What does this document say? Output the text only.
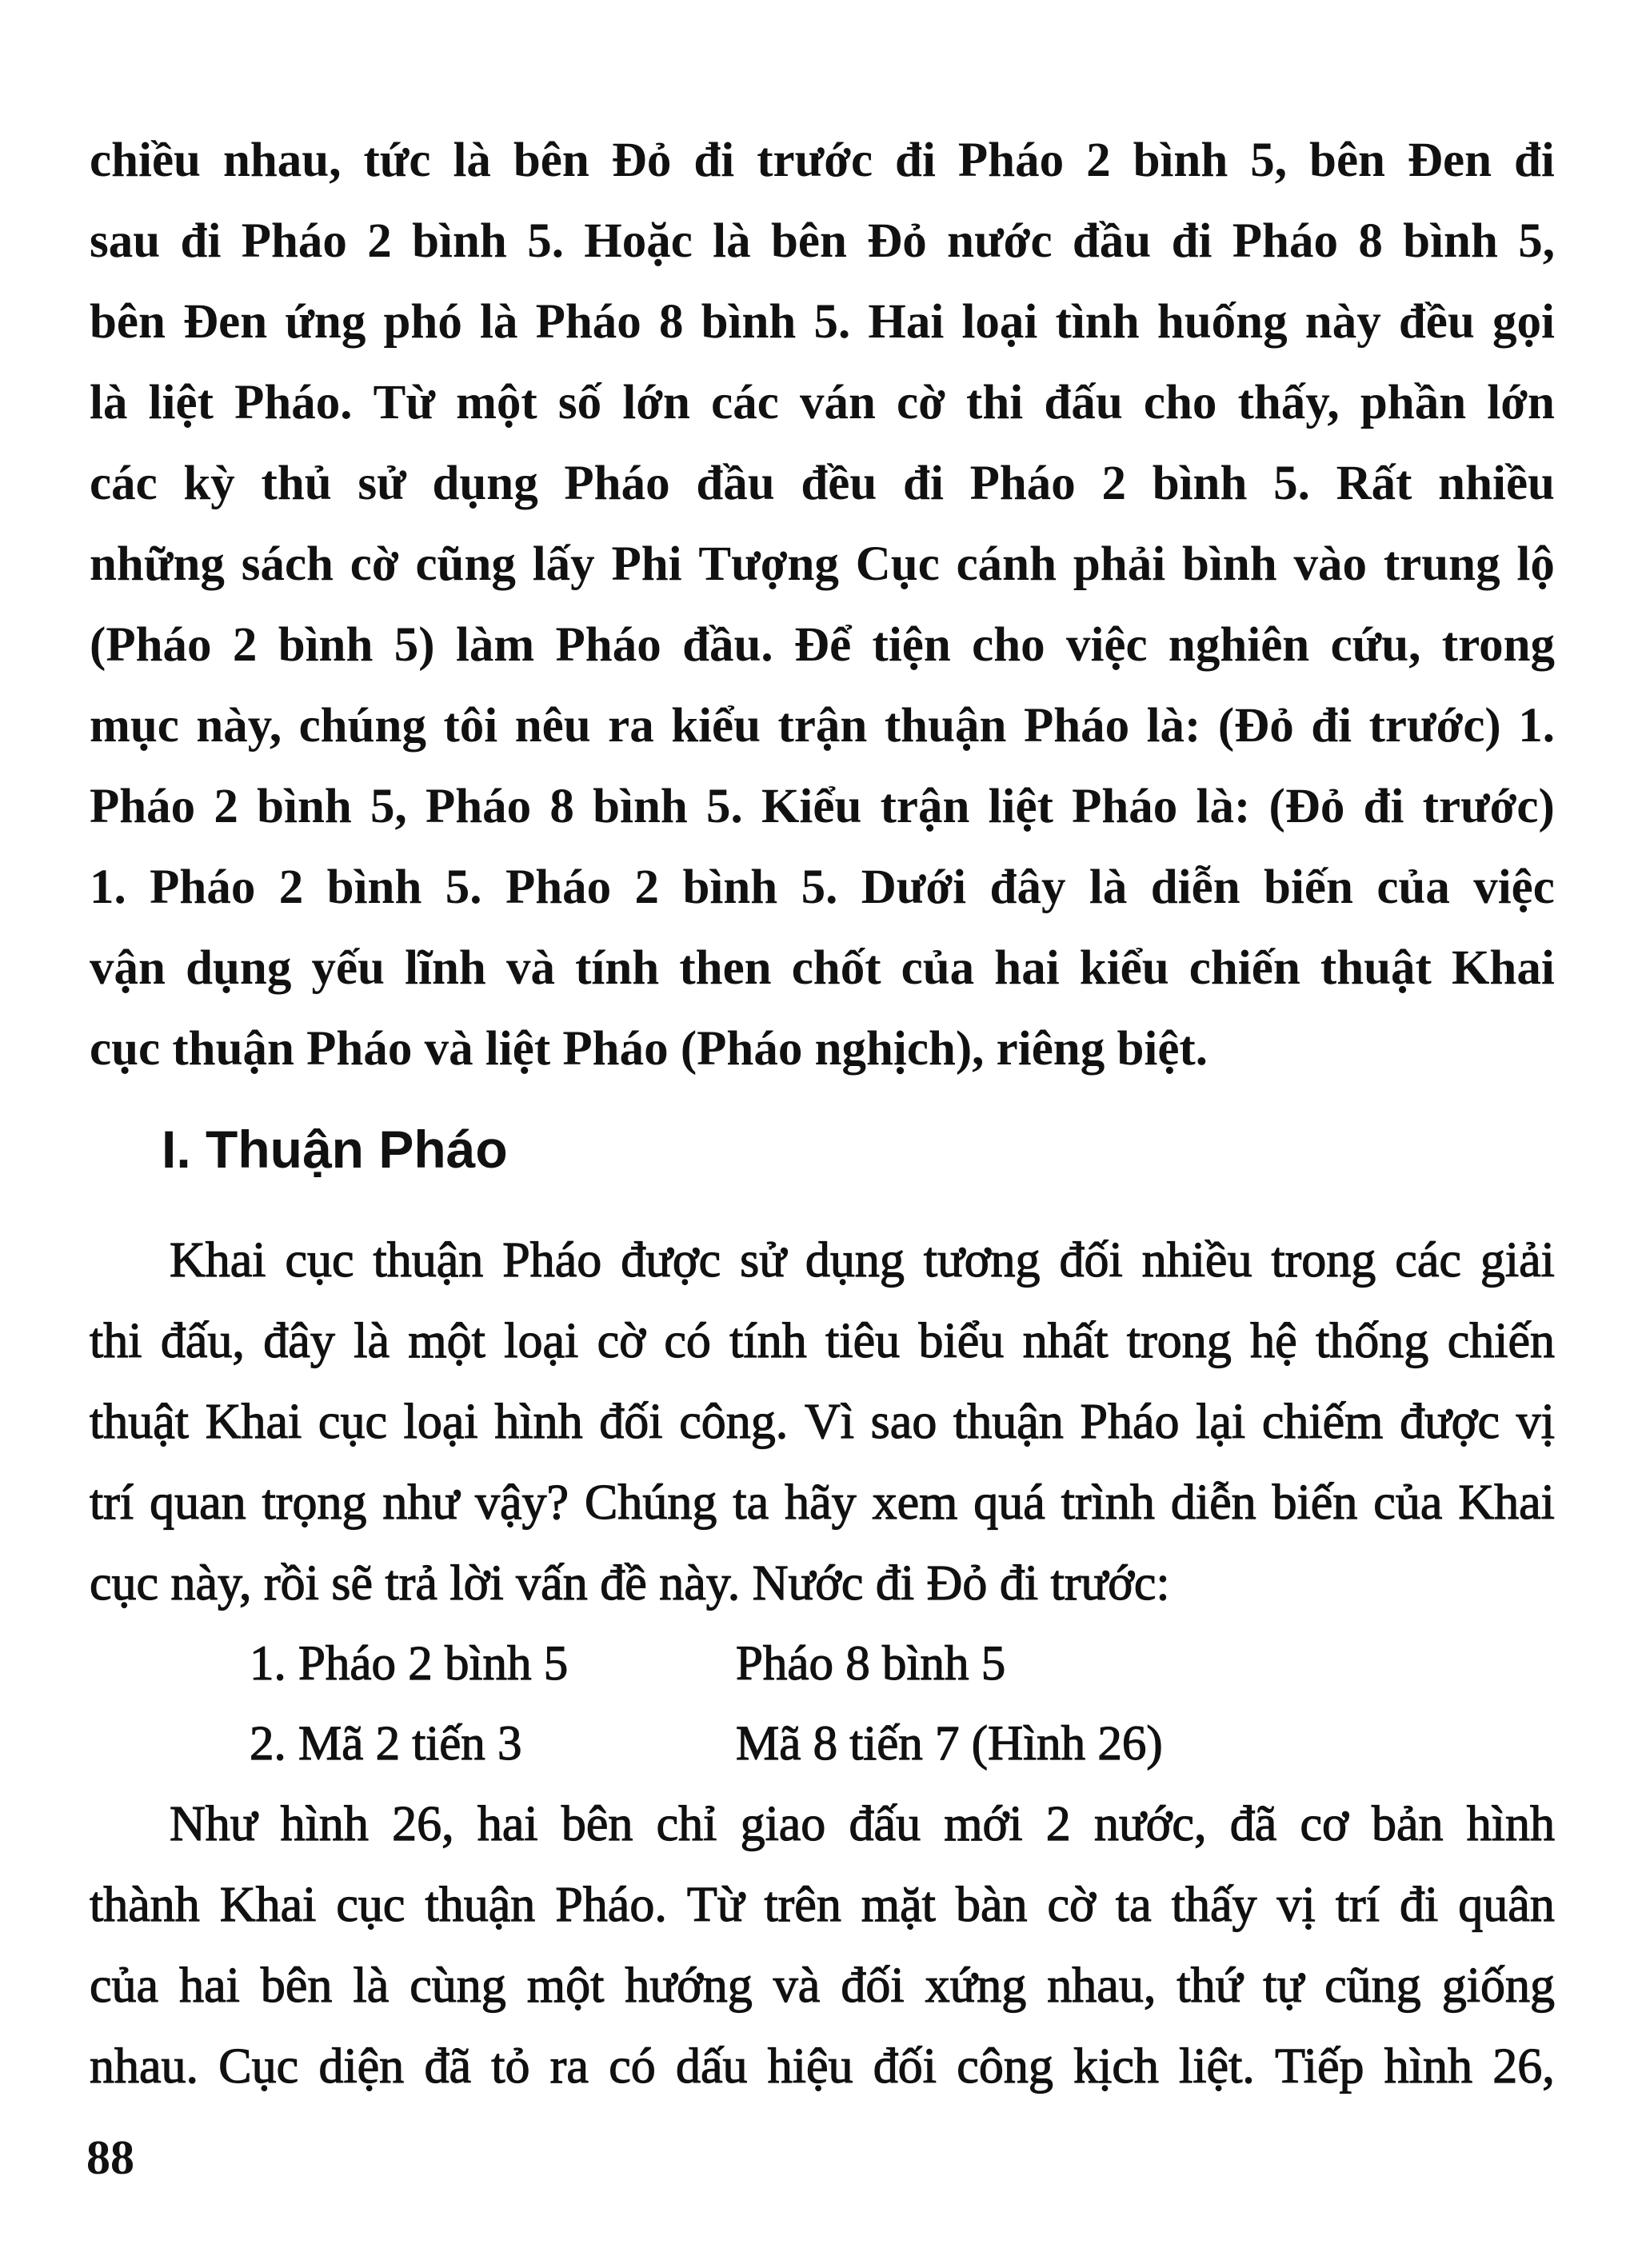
chiều nhau, tức là bên Đỏ đi trước đi Pháo 2 bình 5, bên Đen đi
sau đi Pháo 2 bình 5. Hoặc là bên Đỏ nước đầu đi Pháo 8 bình 5,
bên Đen ứng phó là Pháo 8 bình 5. Hai loại tình huống này đều gọi
là liệt Pháo. Từ một số lớn các ván cờ thi đấu cho thấy, phần lớn
các kỳ thủ sử dụng Pháo đầu đều đi Pháo 2 bình 5. Rất nhiều
những sách cờ cũng lấy Phi Tượng Cục cánh phải bình vào trung lộ
(Pháo 2 bình 5) làm Pháo đầu. Để tiện cho việc nghiên cứu, trong
mục này, chúng tôi nêu ra kiểu trận thuận Pháo là: (Đỏ đi trước) 1.
Pháo 2 bình 5, Pháo 8 bình 5. Kiểu trận liệt Pháo là: (Đỏ đi trước)
1. Pháo 2 bình 5. Pháo 2 bình 5. Dưới đây là diễn biến của việc
vận dụng yếu lĩnh và tính then chốt của hai kiểu chiến thuật Khai
cục thuận Pháo và liệt Pháo (Pháo nghịch), riêng biệt.
I. Thuận Pháo
Khai cục thuận Pháo được sử dụng tương đối nhiều trong các giải
thi đấu, đây là một loại cờ có tính tiêu biểu nhất trong hệ thống chiến
thuật Khai cục loại hình đối công. Vì sao thuận Pháo lại chiếm được vị
trí quan trọng như vậy? Chúng ta hãy xem quá trình diễn biến của Khai
cục này, rồi sẽ trả lời vấn đề này. Nước đi Đỏ đi trước:
1. Pháo 2 bình 5	Pháo 8 bình 5
2. Mã 2 tiến 3	Mã 8 tiến 7 (Hình 26)
Như hình 26, hai bên chỉ giao đấu mới 2 nước, đã cơ bản hình
thành Khai cục thuận Pháo. Từ trên mặt bàn cờ ta thấy vị trí đi quân
của hai bên là cùng một hướng và đối xứng nhau, thứ tự cũng giống
nhau. Cục diện đã tỏ ra có dấu hiệu đối công kịch liệt. Tiếp hình 26,
88
